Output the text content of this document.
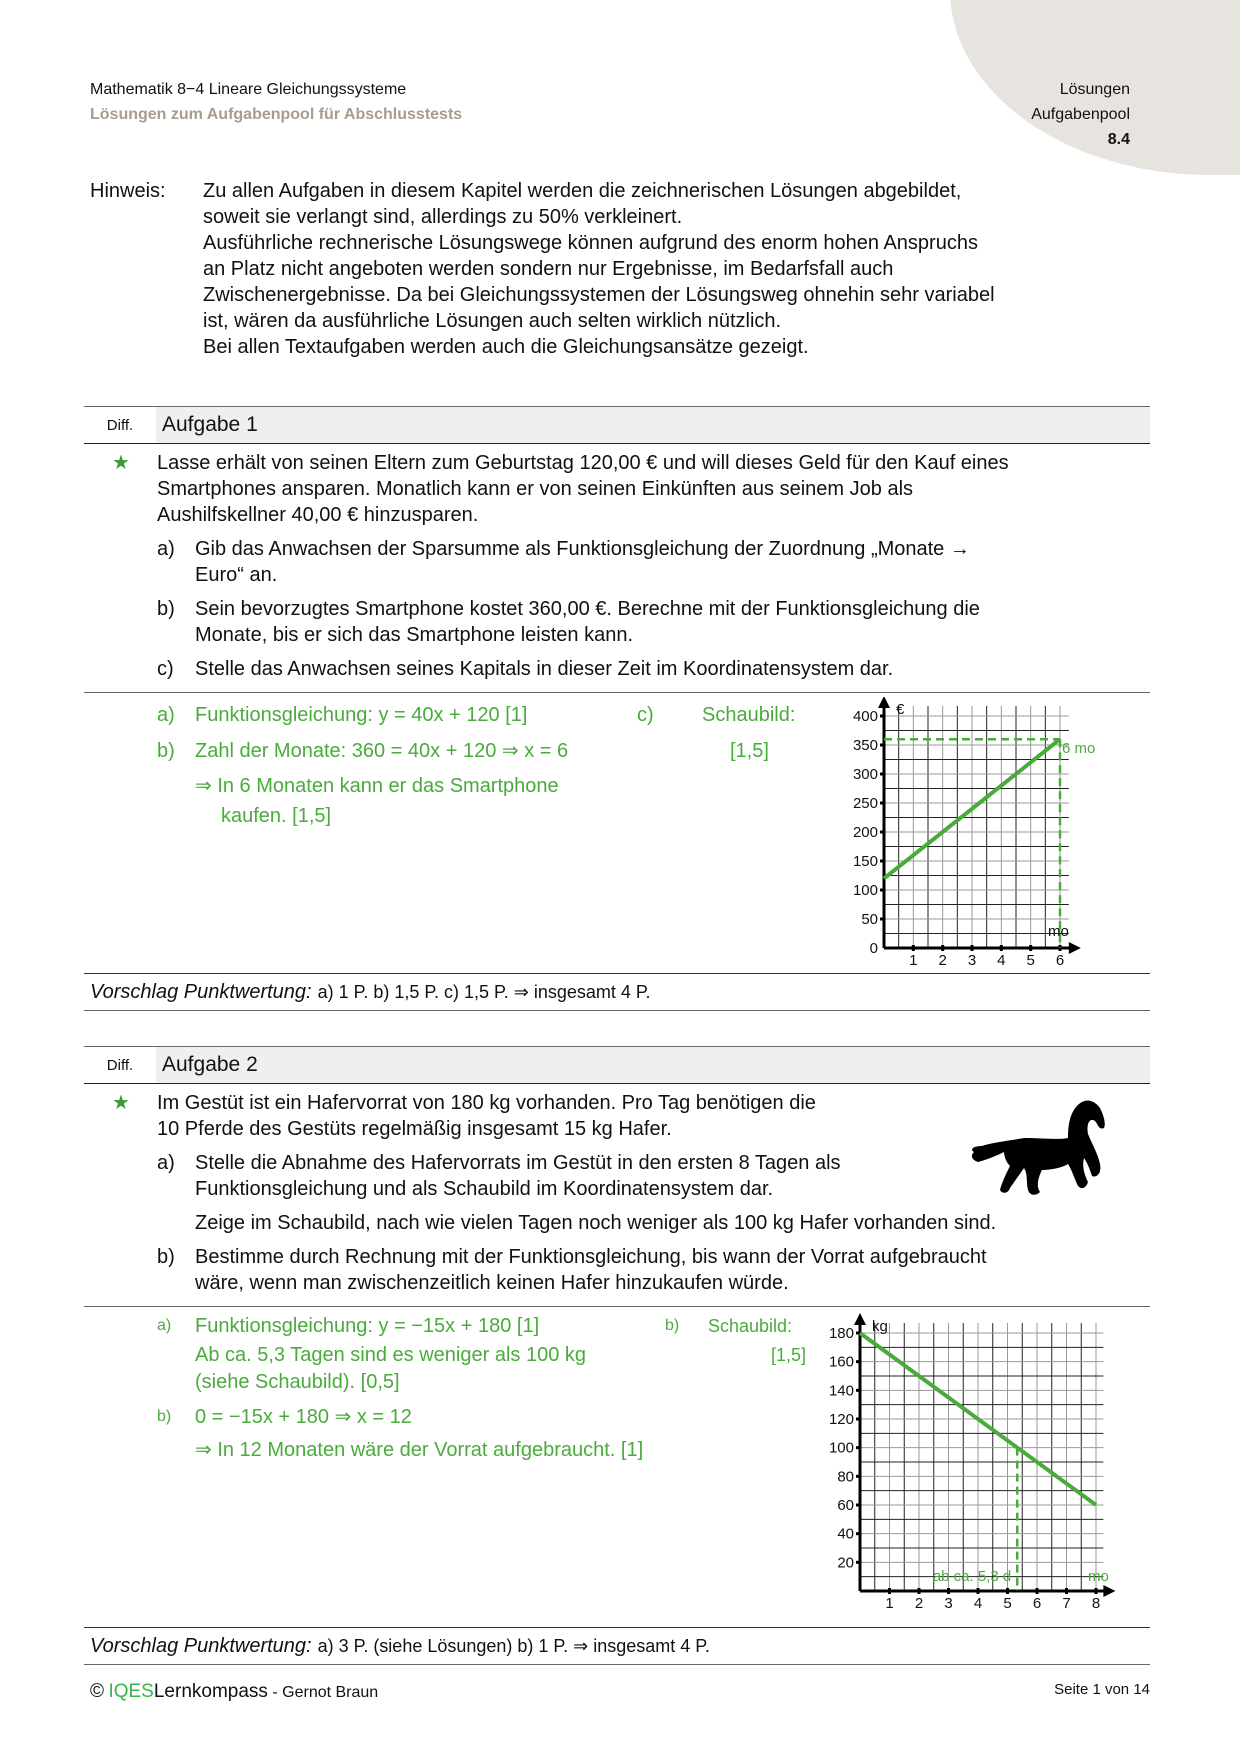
Mathematik 8−4 Lineare Gleichungssysteme
Lösungen zum Aufgabenpool für Abschlusstests
Lösungen
Aufgabenpool
8.4
Hinweis: Zu allen Aufgaben in diesem Kapitel werden die zeichnerischen Lösungen abgebildet,

soweit sie verlangt sind, allerdings zu 50% verkleinert.

Ausführliche rechnerische Lösungswege können aufgrund des enorm hohen Anspruchs

an Platz nicht angeboten werden sondern nur Ergebnisse, im Bedarfsfall auch

Zwischenergebnisse. Da bei Gleichungssystemen der Lösungsweg ohnehin sehr variabel

ist, wären da ausführliche Lösungen auch selten wirklich nützlich.

Bei allen Textaufgaben werden auch die Gleichungsansätze gezeigt.

Diff.	Aufgabe 1
★ Lasse erhält von seinen Eltern zum Geburtstag 120,00 € und will dieses Geld für den Kauf eines

Smartphones ansparen. Monatlich kann er von seinen Einkünften aus seinem Job als

Aushilfskellner 40,00 € hinzusparen.

a)	Gib das Anwachsen der Sparsumme als Funktionsgleichung der Zuordnung „Monate →
Euro“ an.
b)	Sein bevorzugtes Smartphone kostet 360,00 €. Berechne mit der Funktionsgleichung die
Monate, bis er sich das Smartphone leisten kann.
c)	Stelle das Anwachsen seines Kapitals in dieser Zeit im Koordinatensystem dar.
a)	Funktionsgleichung: y = 40x + 120 [1]	c)	Schaubild:
b)	Zahl der Monate: 360 = 40x + 120 ⇒ x = 6	[1,5]
⇒ In 6 Monaten kann er das Smartphone
kaufen. [1,5]
1 2 3 4 5 6
0
50
100
150
200
250
300
350
400 €
6 mo
mo
Vorschlag Punktwertung: a) 1 P. b) 1,5 P. c) 1,5 P. ⇒ insgesamt 4 P.
Diff.	Aufgabe 2
★ Im Gestüt ist ein Hafervorrat von 180 kg vorhanden. Pro Tag benötigen die

10 Pferde des Gestüts regelmäßig insgesamt 15 kg Hafer.

a)	Stelle die Abnahme des Hafervorrats im Gestüt in den ersten 8 Tagen als
Funktionsgleichung und als Schaubild im Koordinatensystem dar.
Zeige im Schaubild, nach wie vielen Tagen noch weniger als 100 kg Hafer vorhanden sind.
b)	Bestimme durch Rechnung mit der Funktionsgleichung, bis wann der Vorrat aufgebraucht
wäre, wenn man zwischenzeitlich keinen Hafer hinzukaufen würde.
a)	Funktionsgleichung: y = −15x + 180 [1]	b)	Schaubild:
Ab ca. 5,3 Tagen sind es weniger als 100 kg	[1,5]
(siehe Schaubild). [0,5]
b)	0 = −15x + 180 ⇒ x = 12
⇒ In 12 Monaten wäre der Vorrat aufgebraucht. [1]
1 2 3 4 5 6 7 8
20
40
60
80
100
120
140
160
180 kg
ab ca. 5,3 d	mo
Vorschlag Punktwertung: a) 3 P. (siehe Lösungen) b) 1 P. ⇒ insgesamt 4 P.
© IQESLernkompass - Gernot Braun	Seite 1 von 14
